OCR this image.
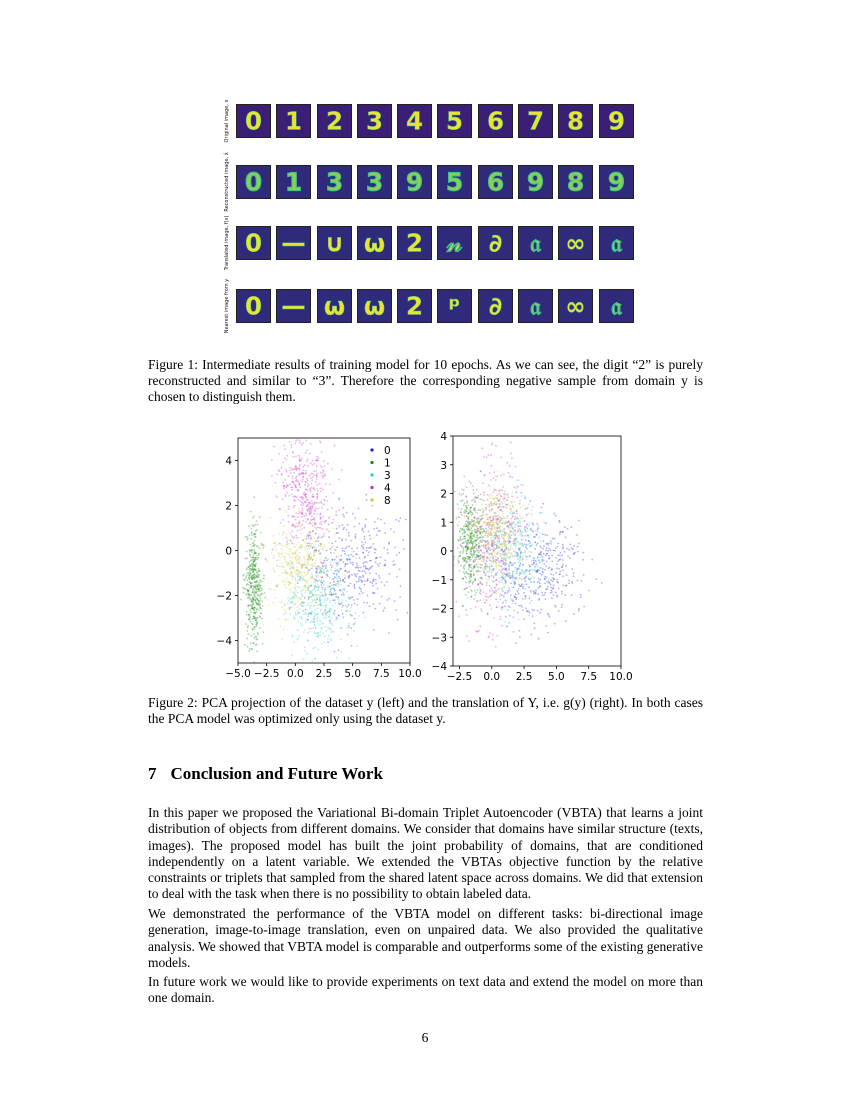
Original image, x 0 1 2 3 4 5 6 7 8 9
Reconstructed image, x̂ 0 1 3 3 9 5 6 9 8 9
Translated image, f(x) 0 — ∪ ω 2 𝓃 ∂ 𝔞 ∞ 𝔞
Nearest image from y 0 — ω ω 2 ᵖ ∂ 𝔞 ∞ 𝔞
Figure 1: Intermediate results of training model for 10 epochs. As we can see, the digit “2” is purely reconstructed and similar to “3”. Therefore the corresponding negative sample from domain y is chosen to distinguish them.
−5.0 −2.5 0.0 2.5 5.0 7.5 10.0
−4
−2
0
2
4
0
1
3
4
8
−2.5 0.0 2.5 5.0 7.5 10.0
−4
−3
−2
−1
0
1
2
3
4
Figure 2: PCA projection of the dataset y (left) and the translation of Y, i.e. g(y) (right). In both cases the PCA model was optimized only using the dataset y.
7 Conclusion and Future Work

In this paper we proposed the Variational Bi-domain Triplet Autoencoder (VBTA) that learns a joint distribution of objects from different domains. We consider that domains have similar structure (texts, images). The proposed model has built the joint probability of domains, that are conditioned independently on a latent variable. We extended the VBTAs objective function by the relative constraints or triplets that sampled from the shared latent space across domains. We did that extension to deal with the task when there is no possibility to obtain labeled data.

We demonstrated the performance of the VBTA model on different tasks: bi-directional image generation, image-to-image translation, even on unpaired data. We also provided the qualitative analysis. We showed that VBTA model is comparable and outperforms some of the existing generative models.

In future work we would like to provide experiments on text data and extend the model on more than one domain.

6
